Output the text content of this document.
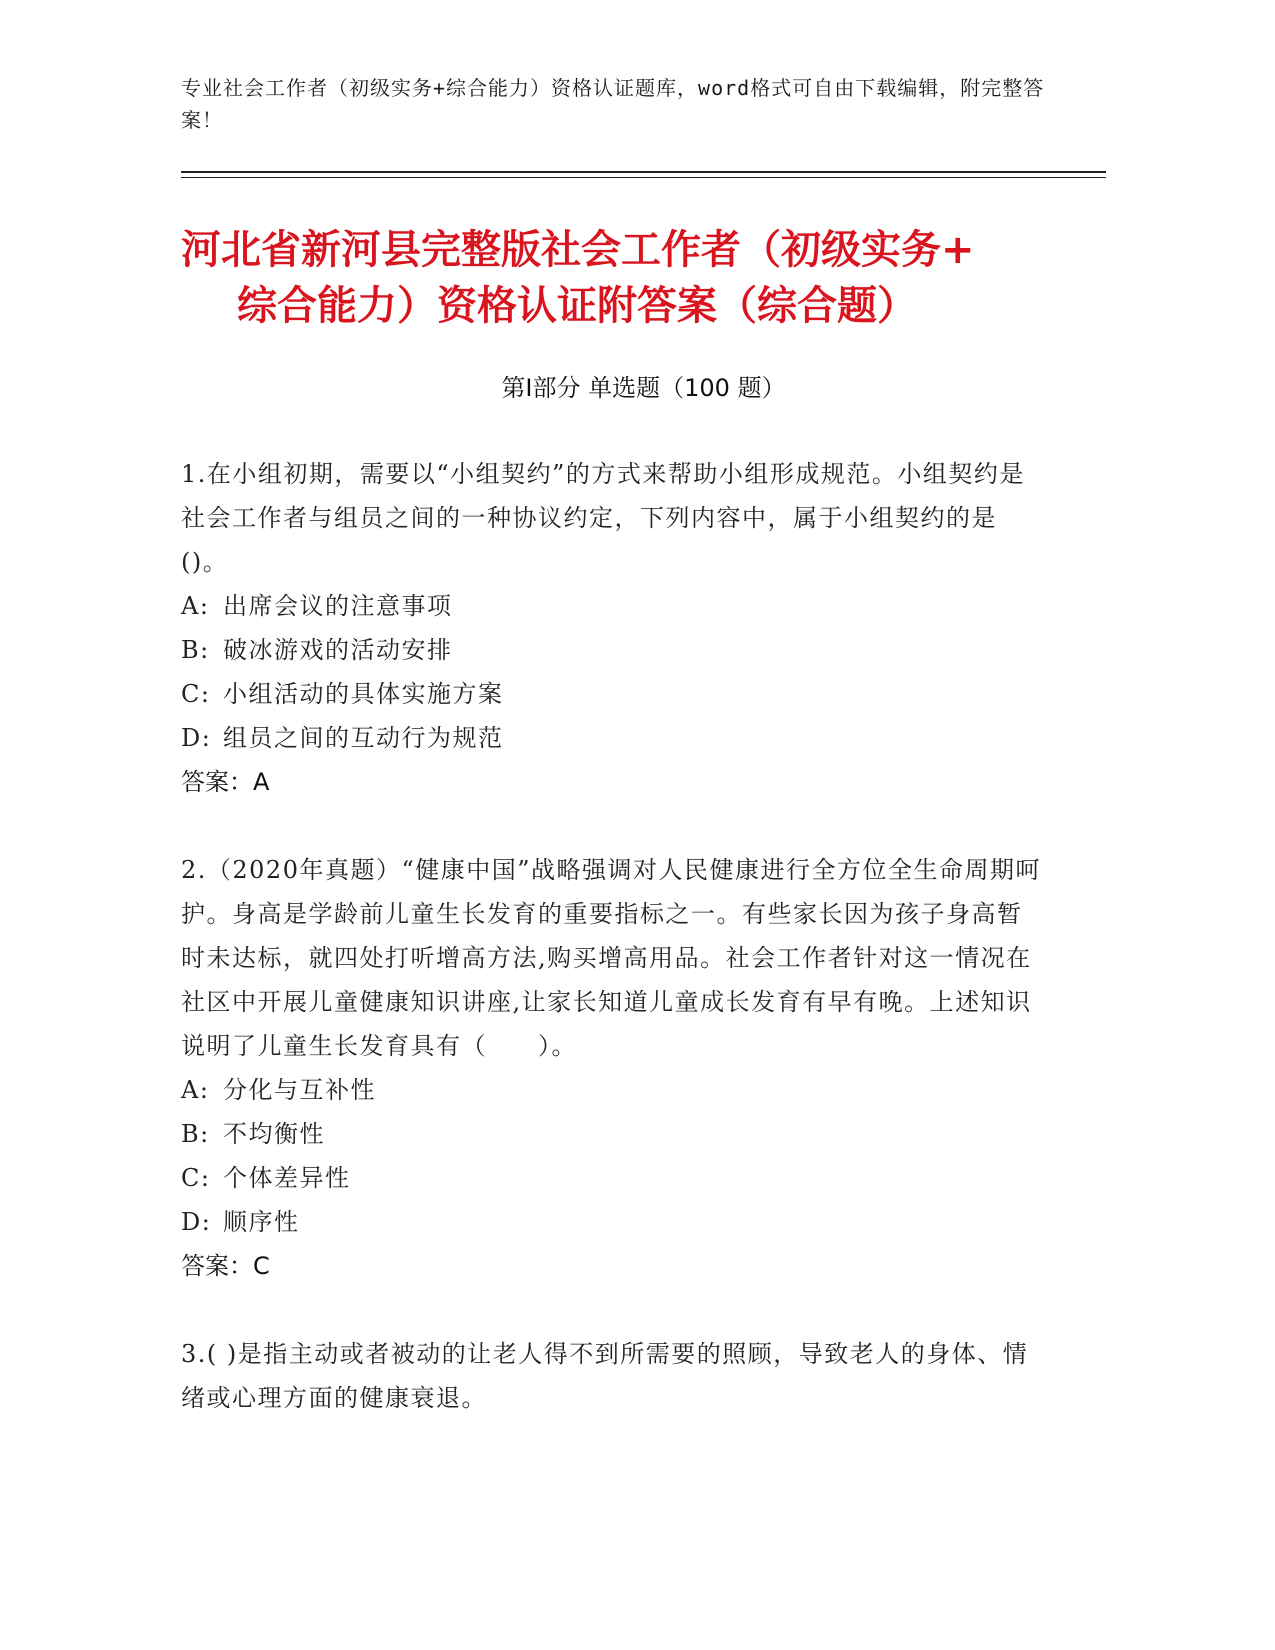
专业社会工作者（初级实务+综合能力）资格认证题库，word格式可自由下载编辑，附完整答案！
河北省新河县完整版社会工作者（初级实务+
综合能力）资格认证附答案（综合题）
第Ⅰ部分 单选题（100 题）

1.在小组初期，需要以“小组契约”的方式来帮助小组形成规范。小组契约是社会工作者与组员之间的一种协议约定，下列内容中，属于小组契约的是()。

A: 出席会议的注意事项
B: 破冰游戏的活动安排
C: 小组活动的具体实施方案
D: 组员之间的互动行为规范
答案：A

2.（2020年真题）“健康中国”战略强调对人民健康进行全方位全生命周期呵护。身高是学龄前儿童生长发育的重要指标之一。有些家长因为孩子身高暂时未达标，就四处打听增高方法,购买增高用品。社会工作者针对这一情况在社区中开展儿童健康知识讲座,让家长知道儿童成长发育有早有晚。上述知识说明了儿童生长发育具有（　　）。

A: 分化与互补性
B: 不均衡性
C: 个体差异性
D: 顺序性
答案：C

3.( )是指主动或者被动的让老人得不到所需要的照顾，导致老人的身体、情绪或心理方面的健康衰退。
